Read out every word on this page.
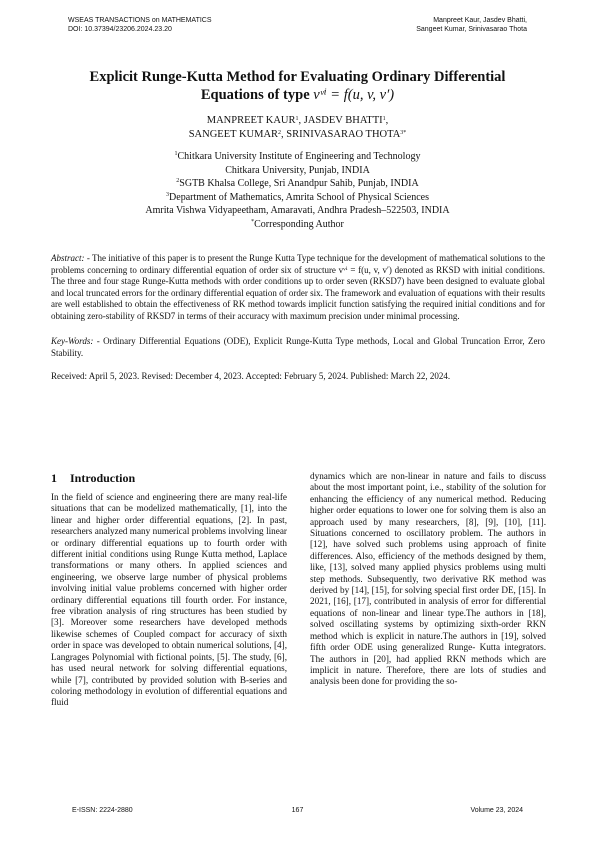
WSEAS TRANSACTIONS on MATHEMATICS
DOI: 10.37394/23206.2024.23.20
Manpreet Kaur, Jasdev Bhatti,
Sangeet Kumar, Srinivasarao Thota
Explicit Runge-Kutta Method for Evaluating Ordinary Differential
Equations of type vᵛⁱ = f(u, v, v′)
MANPREET KAUR$^1$, JASDEV BHATTI$^1$,
SANGEET KUMAR$^2$, SRINIVASARAO $THOTA^{3*}$
$^1$Chitkara University Institute of Engineering and Technology
Chitkara University, Punjab, INDIA
$^2$SGTB Khalsa College, Sri Anandpur Sahib, Punjab, INDIA
$^3$Department of Mathematics, Amrita School of Physical Sciences
Amrita Vishwa Vidyapeetham, Amaravati, Andhra Pradesh–522503, INDIA
*Corresponding Author
Abstract: - The initiative of this paper is to present the Runge Kutta Type technique for the development of mathematical solutions to the problems concerning to ordinary differential equation of order six of structure vᵛⁱ = f(u, v, v′) denoted as RKSD with initial conditions. The three and four stage Runge-Kutta methods with order conditions up to order seven (RKSD7) have been designed to evaluate global and local truncated errors for the ordinary differential equation of order six. The framework and evaluation of equations with their results are well established to obtain the effectiveness of RK method towards implicit function satisfying the required initial conditions and for obtaining zero-stability of RKSD7 in terms of their accuracy with maximum precision under minimal processing.
Key-Words: - Ordinary Differential Equations (ODE), Explicit Runge-Kutta Type methods, Local and Global Truncation Error, Zero Stability.
Received: April 5, 2023. Revised: December 4, 2023. Accepted: February 5, 2024. Published: March 22, 2024.
1 Introduction
In the field of science and engineering there are many real-life situations that can be modelized mathematically, [1], into the linear and higher order differential equations, [2]. In past, researchers analyzed many numerical problems involving linear or ordinary differential equations up to fourth order with different initial conditions using Runge Kutta method, Laplace transformations or many others. In applied sciences and engineering, we observe large number of physical problems involving initial value problems concerned with higher order ordinary differential equations till fourth order. For instance, free vibration analysis of ring structures has been studied by [3]. Moreover some researchers have developed methods likewise schemes of Coupled compact for accuracy of sixth order in space was developed to obtain numerical solutions, [4], Langrages Polynomial with fictional points, [5]. The study, [6], has used neural network for solving differential equations, while [7], contributed by provided solution with B-series and coloring methodology in evolution of differential equations and fluid
dynamics which are non-linear in nature and fails to discuss about the most important point, i.e., stability of the solution for enhancing the efficiency of any numerical method. Reducing higher order equations to lower one for solving them is also an approach used by many researchers, [8], [9], [10], [11]. Situations concerned to oscillatory problem. The authors in [12], have solved such problems using approach of finite differences. Also, efficiency of the methods designed by them, like, [13], solved many applied physics problems using multi step methods. Subsequently, two derivative RK method was derived by [14], [15], for solving special first order DE, [15]. In 2021, [16], [17], contributed in analysis of error for differential equations of non-linear and linear type.The authors in [18], solved oscillating systems by optimizing sixth-order RKN method which is explicit in nature.The authors in [19], solved fifth order ODE using generalized Runge- Kutta integrators. The authors in [20], had applied RKN methods which are implicit in nature. Therefore, there are lots of studies and analysis been done for providing the so-
E-ISSN: 2224-2880	167	Volume 23, 2024
